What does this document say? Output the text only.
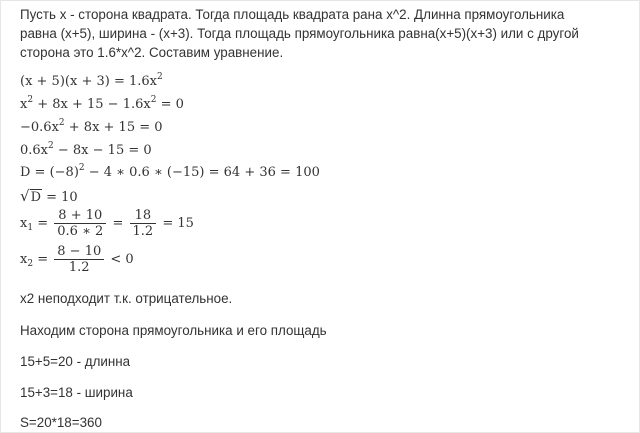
Пусть х - сторона квадрата. Тогда площадь квадрата рана х^2. Длинна прямоугольника
равна (х+5), ширина - (х+3). Тогда площадь прямоугольника равна(х+5)(х+3) или с другой
сторона это 1.6*х^2. Составим уравнение.
$(x + 5)(x + 3) = 1.6x^2$
$x^2 + 8x + 15 - 1.6x^2 = 0$
$-0.6x^2 + 8x + 15 = 0$
$0.6x^2 - 8x - 15 = 0$
$D = (-8)^2 - 4$ ∗ 0.6 ∗ (−15) = 64 + 36 = 100
√D = 10
$x_1 = \frac{8 + 10}{0.6 ∗ 2} = \frac{18}{1.2} = 15$
$x_2 = \frac{8 - 10}{1.2} < 0$
х2 неподходит т.к. отрицательное.
Находим сторона прямоугольника и его площадь
15+5=20 - длинна
15+3=18 - ширина
S=20*18=360
